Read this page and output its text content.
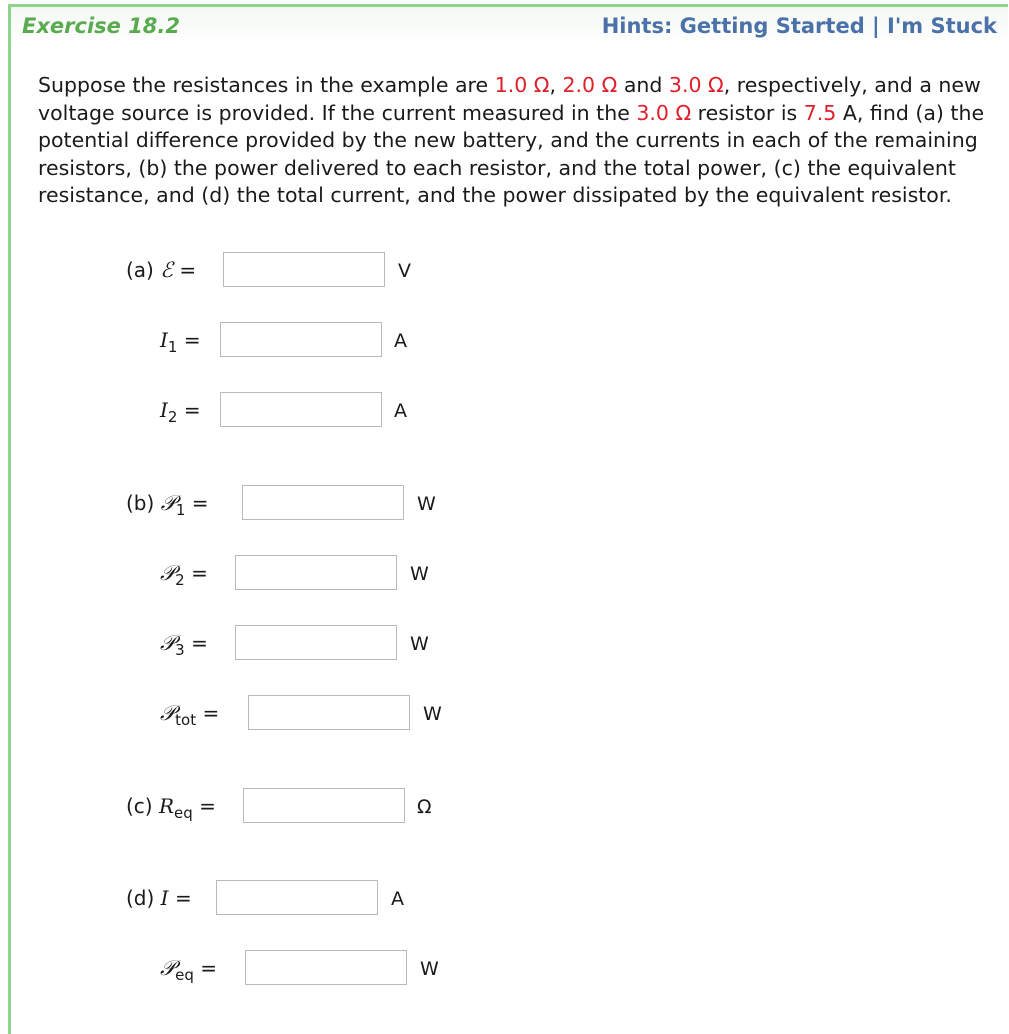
Exercise 18.2	Hints: Getting Started | I'm Stuck
Suppose the resistances in the example are 1.0 Ω, 2.0 Ω and 3.0 Ω, respectively, and a new voltage source is provided. If the current measured in the 3.0 Ω resistor is 7.5 A, find (a) the potential difference provided by the new battery, and the currents in each of the remaining resistors, (b) the power delivered to each resistor, and the total power, (c) the equivalent resistance, and (d) the total current, and the power dissipated by the equivalent resistor.
(a) ℰ =	V
$I_1$ =	A
$I_2$ =	A
(b) 𝒫$_1$ =	W
𝒫$_2$ =	W
𝒫$_3$ =	W
𝒫$_{tot}$ =	W
(c) $R_{eq}$ =	Ω
(d) I =	A
𝒫$_{eq}$ =	W
